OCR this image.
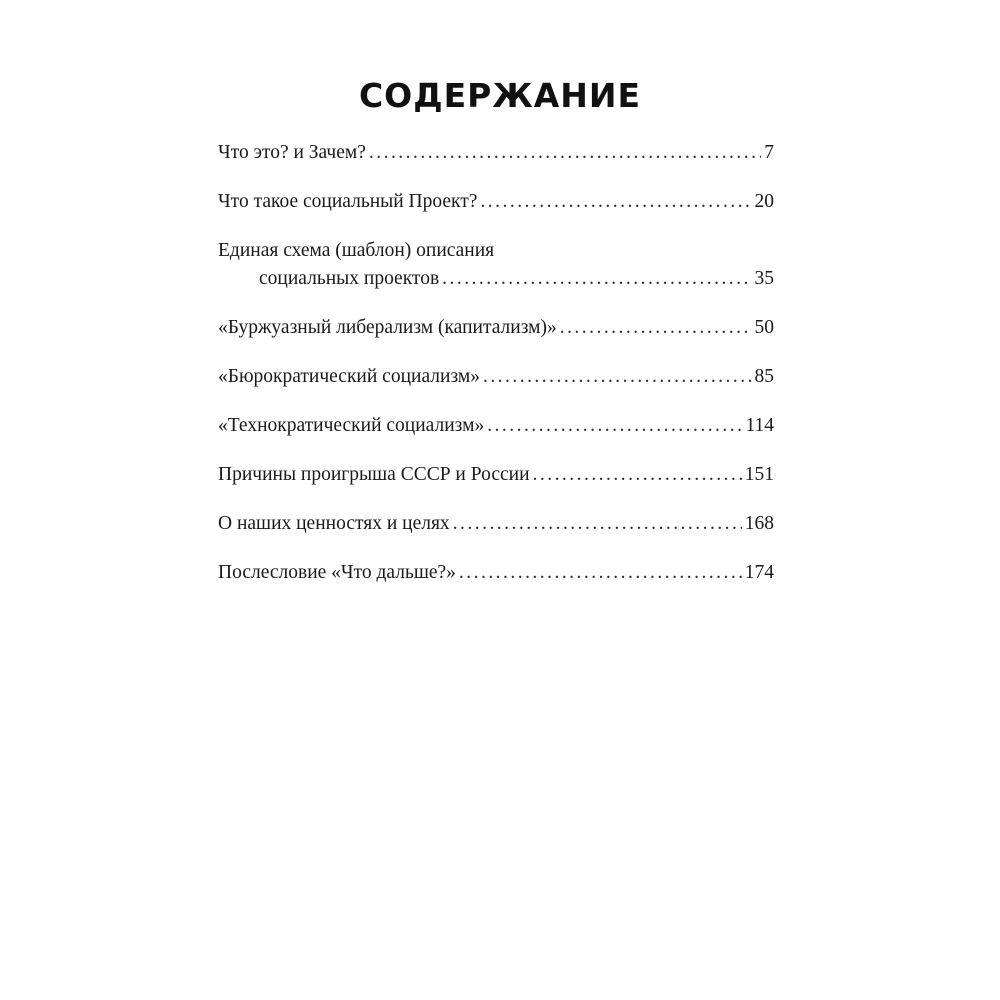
СОДЕРЖАНИЕ
Что это? и Зачем? . . .	7
Что такое социальный Проект? . . .	20
Единая схема (шаблон) описания
социальных проектов . . .	35
«Буржуазный либерализм (капитализм)» . . .	50
«Бюрократический социализм» . . .	85
«Технократический социализм» . . .	114
Причины проигрыша СССР и России . . .	151
О наших ценностях и целях . . .	168
Послесловие «Что дальше?» . . .	174
